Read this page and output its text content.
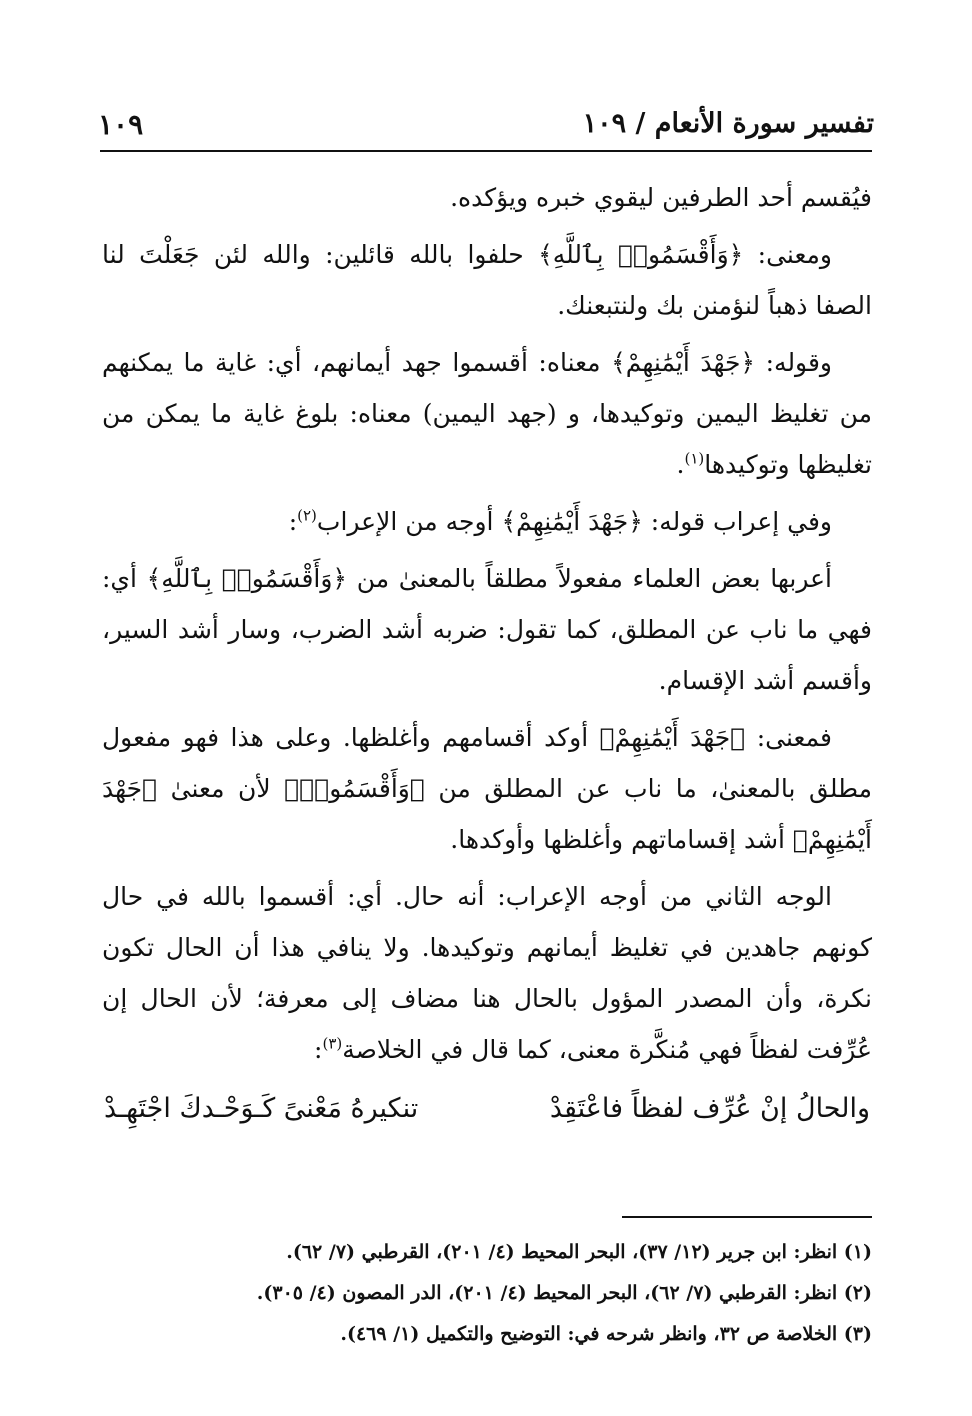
تفسير سورة الأنعام / ١٠٩
١٠٩

فيُقسم أحد الطرفين ليقوي خبره ويؤكده.

ومعنى: ﴿وَأَقْسَمُوا۟ بِٱللَّهِ﴾ حلفوا بالله قائلين: والله لئن جَعَلْتَ لنا الصفا ذهباً لنؤمنن بك ولنتبعنك.

وقوله: ﴿جَهْدَ أَيْمَٰنِهِمْ﴾ معناه: أقسموا جهد أيمانهم، أي: غاية ما يمكنهم من تغليظ اليمين وتوكيدها، و (جهد اليمين) معناه: بلوغ غاية ما يمكن من تغليظها وتوكيدها$^{(١)}$.

وفي إعراب قوله: ﴿جَهْدَ أَيْمَٰنِهِمْ﴾ أوجه من الإعراب$^{(٢)}$:

أعربها بعض العلماء مفعولاً مطلقاً بالمعنىٰ من ﴿وَأَقْسَمُوا۟ بِٱللَّهِ﴾ أي: فهي ما ناب عن المطلق، كما تقول: ضربه أشد الضرب، وسار أشد السير، وأقسم أشد الإقسام.

فمعنى: ﴿جَهْدَ أَيْمَٰنِهِمْ﴾ أوكد أقسامهم وأغلظها. وعلى هذا فهو مفعول مطلق بالمعنىٰ، ما ناب عن المطلق من ﴿وَأَقْسَمُوا۟﴾ لأن معنىٰ ﴿جَهْدَ أَيْمَٰنِهِمْ﴾ أشد إقساماتهم وأغلظها وأوكدها.

الوجه الثاني من أوجه الإعراب: أنه حال. أي: أقسموا بالله في حال كونهم جاهدين في تغليظ أيمانهم وتوكيدها. ولا ينافي هذا أن الحال تكون نكرة، وأن المصدر المؤول بالحال هنا مضاف إلى معرفة؛ لأن الحال إن عُرِّفت لفظاً فهي مُنكَّرة معنى، كما قال في الخلاصة$^{(٣)}$:

والحالُ إنْ عُرِّف لفظاً فاعْتَقِدْ
تنكيرهُ مَعْنىً كَـوَحْـدكَ اجْتَهِـدْ
(١) انظر: ابن جرير (١٢/ ٣٧)، البحر المحيط (٤/ ٢٠١)، القرطبي (٧/ ٦٢).
(٢) انظر: القرطبي (٧/ ٦٢)، البحر المحيط (٤/ ٢٠١)، الدر المصون (٤/ ٣٠٥).
(٣) الخلاصة ص ٣٢، وانظر شرحه في: التوضيح والتكميل (١/ ٤٦٩).
